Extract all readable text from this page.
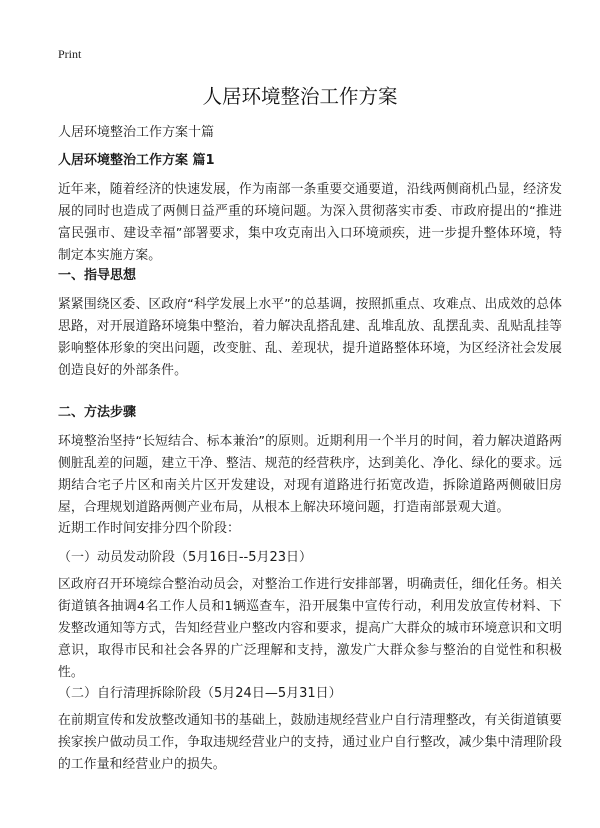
Print
人居环境整治工作方案

人居环境整治工作方案十篇

人居环境整治工作方案 篇1

近年来，随着经济的快速发展，作为南部一条重要交通要道，沿线两侧商机凸显，经济发展的同时也造成了两侧日益严重的环境问题。为深入贯彻落实市委、市政府提出的“推进富民强市、建设幸福”部署要求，集中攻克南出入口环境顽疾，进一步提升整体环境，特制定本实施方案。

一、指导思想

紧紧围绕区委、区政府“科学发展上水平”的总基调，按照抓重点、攻难点、出成效的总体思路，对开展道路环境集中整治，着力解决乱搭乱建、乱堆乱放、乱摆乱卖、乱贴乱挂等影响整体形象的突出问题，改变脏、乱、差现状，提升道路整体环境，为区经济社会发展创造良好的外部条件。

二、方法步骤

环境整治坚持“长短结合、标本兼治”的原则。近期利用一个半月的时间，着力解决道路两侧脏乱差的问题，建立干净、整洁、规范的经营秩序，达到美化、净化、绿化的要求。远期结合宅子片区和南关片区开发建设，对现有道路进行拓宽改造，拆除道路两侧破旧房屋，合理规划道路两侧产业布局，从根本上解决环境问题，打造南部景观大道。

近期工作时间安排分四个阶段：

（一）动员发动阶段（5月16日--5月23日）

区政府召开环境综合整治动员会，对整治工作进行安排部署，明确责任，细化任务。相关街道镇各抽调4名工作人员和1辆巡查车，沿开展集中宣传行动，利用发放宣传材料、下发整改通知等方式，告知经营业户整改内容和要求，提高广大群众的城市环境意识和文明意识，取得市民和社会各界的广泛理解和支持，激发广大群众参与整治的自觉性和积极性。

（二）自行清理拆除阶段（5月24日—5月31日）

在前期宣传和发放整改通知书的基础上，鼓励违规经营业户自行清理整改，有关街道镇要挨家挨户做动员工作，争取违规经营业户的支持，通过业户自行整改，减少集中清理阶段的工作量和经营业户的损失。
